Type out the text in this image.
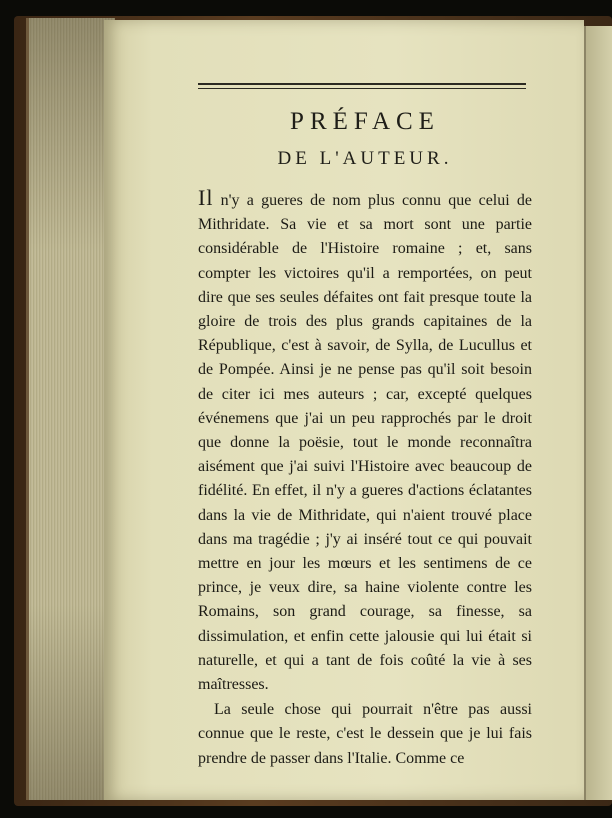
PRÉFACE
DE L'AUTEUR.

Il n'y a gueres de nom plus connu que celui de Mithridate. Sa vie et sa mort sont une partie considérable de l'Histoire romaine ; et, sans compter les victoires qu'il a remportées, on peut dire que ses seules défaites ont fait presque toute la gloire de trois des plus grands capitaines de la République, c'est à savoir, de Sylla, de Lucullus et de Pompée. Ainsi je ne pense pas qu'il soit besoin de citer ici mes auteurs ; car, excepté quelques événemens que j'ai un peu rapprochés par le droit que donne la poësie, tout le monde reconnaîtra aisément que j'ai suivi l'Histoire avec beaucoup de fidélité. En effet, il n'y a gueres d'actions éclatantes dans la vie de Mithridate, qui n'aient trouvé place dans ma tragédie ; j'y ai inséré tout ce qui pouvait mettre en jour les mœurs et les sentimens de ce prince, je veux dire, sa haine violente contre les Romains, son grand courage, sa finesse, sa dissimulation, et enfin cette jalousie qui lui était si naturelle, et qui a tant de fois coûté la vie à ses maîtresses.

La seule chose qui pourrait n'être pas aussi connue que le reste, c'est le dessein que je lui fais prendre de passer dans l'Italie. Comme ce
